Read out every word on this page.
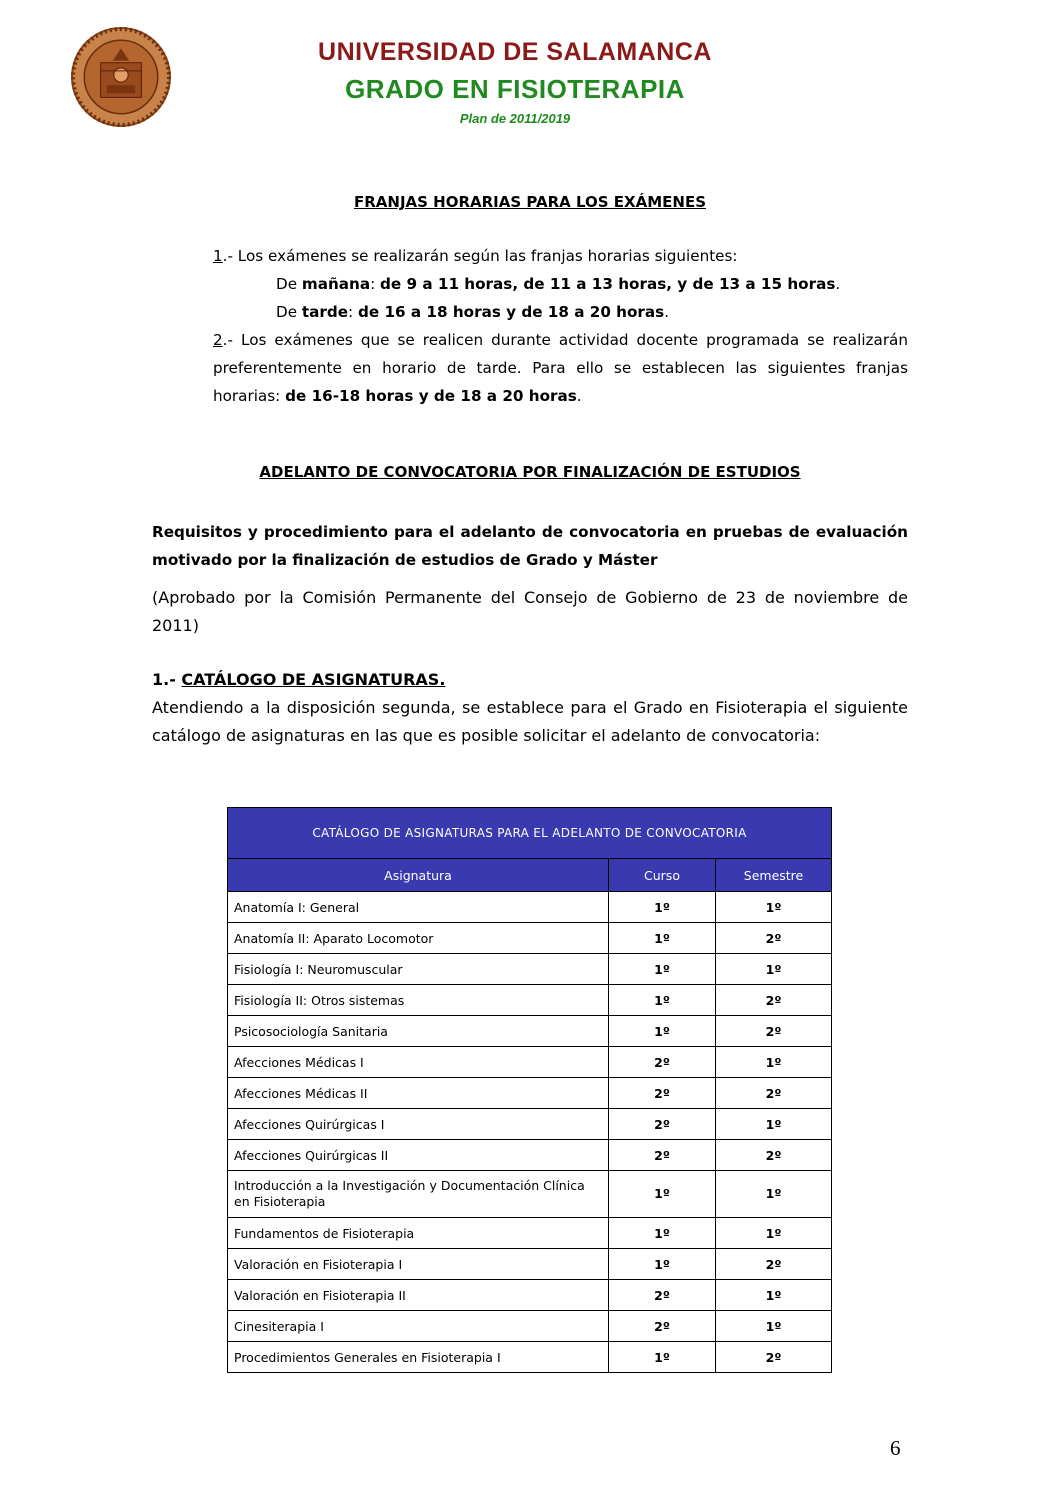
UNIVERSIDAD DE SALAMANCA
GRADO EN FISIOTERAPIA
Plan de 2011/2019
FRANJAS HORARIAS PARA LOS EXÁMENES
1.- Los exámenes se realizarán según las franjas horarias siguientes:
De mañana: de 9 a 11 horas, de 11 a 13 horas, y de 13 a 15 horas.
De tarde: de 16 a 18 horas y de 18 a 20 horas.
2.- Los exámenes que se realicen durante actividad docente programada se realizarán preferentemente en horario de tarde. Para ello se establecen las siguientes franjas horarias: de 16-18 horas y de 18 a 20 horas.
ADELANTO DE CONVOCATORIA POR FINALIZACIÓN DE ESTUDIOS
Requisitos y procedimiento para el adelanto de convocatoria en pruebas de evaluación motivado por la finalización de estudios de Grado y Máster
(Aprobado por la Comisión Permanente del Consejo de Gobierno de 23 de noviembre de 2011)
1.- CATÁLOGO DE ASIGNATURAS.
Atendiendo a la disposición segunda, se establece para el Grado en Fisioterapia el siguiente catálogo de asignaturas en las que es posible solicitar el adelanto de convocatoria:
CATÁLOGO DE ASIGNATURAS PARA EL ADELANTO DE CONVOCATORIA		
Asignatura	Curso	Semestre
Anatomía I: General	1º	1º
Anatomía II: Aparato Locomotor	1º	2º
Fisiología I: Neuromuscular	1º	1º
Fisiología II: Otros sistemas	1º	2º
Psicosociología Sanitaria	1º	2º
Afecciones Médicas I	2º	1º
Afecciones Médicas II	2º	2º
Afecciones Quirúrgicas I	2º	1º
Afecciones Quirúrgicas II	2º	2º
Introducción a la Investigación y Documentación Clínica en Fisioterapia	1º	1º
Fundamentos de Fisioterapia	1º	1º
Valoración en Fisioterapia I	1º	2º
Valoración en Fisioterapia II	2º	1º
Cinesiterapia I	2º	1º
Procedimientos Generales en Fisioterapia I	1º	2º
6
